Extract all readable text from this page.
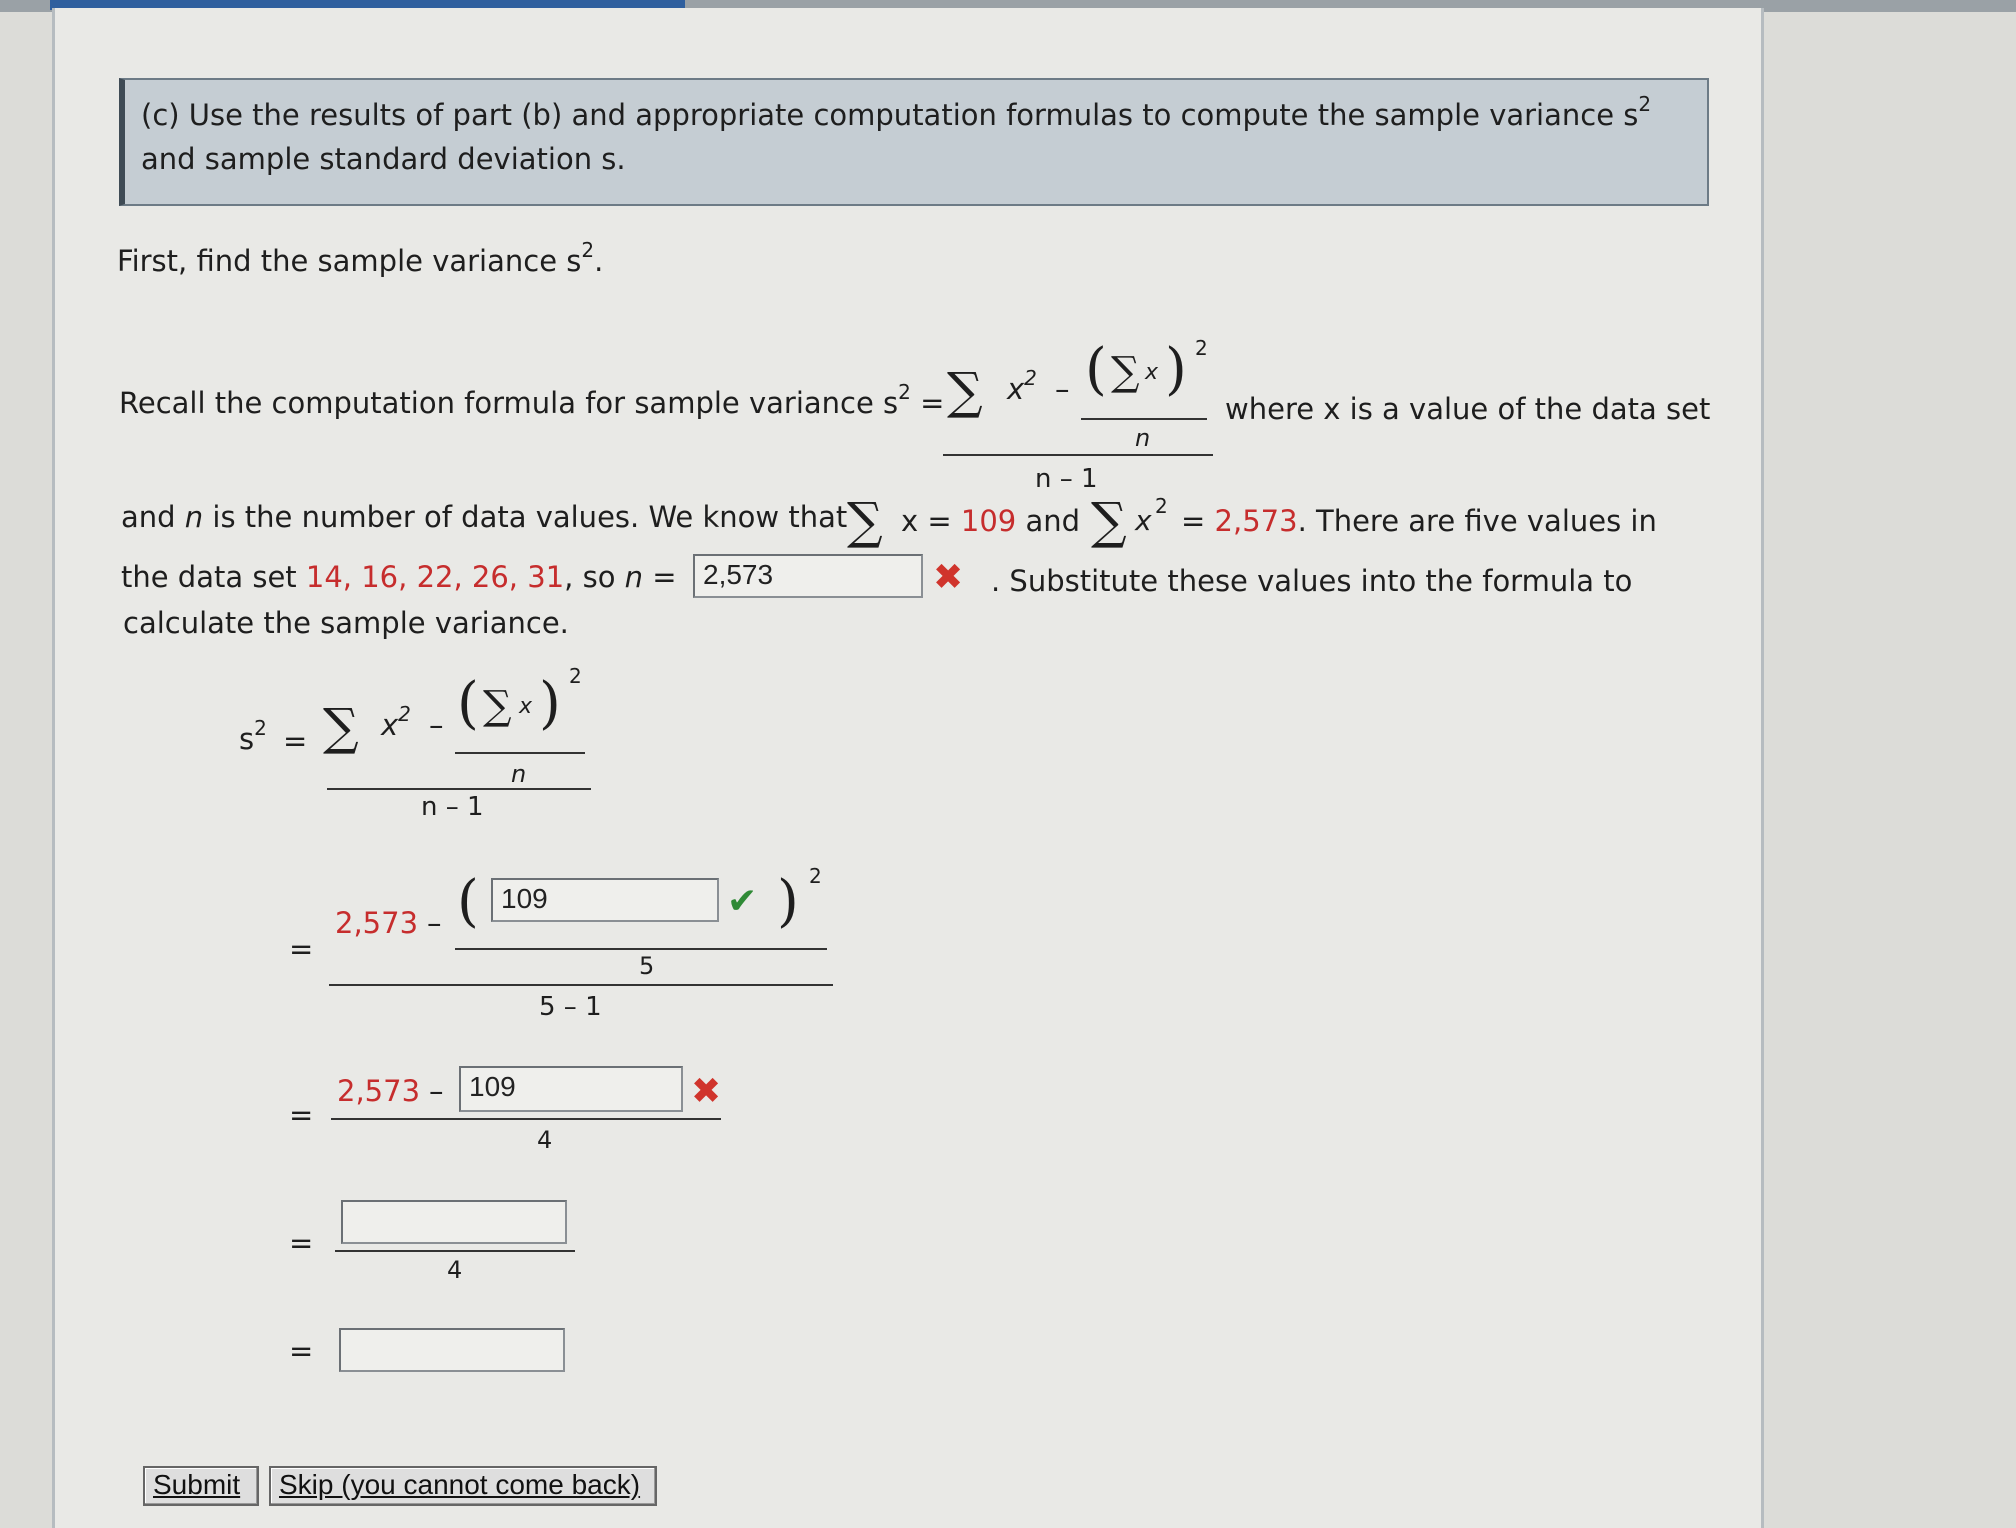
(c) Use the results of part (b) and appropriate computation formulas to compute the sample variance $s^2$
and sample standard deviation s.
First, find the sample variance $s^2$.
Recall the computation formula for sample variance $s^2$ = ∑ $x^2$ – ( ∑ x ) 2
n
n – 1
where x is a value of the data set
and n is the number of data values. We know that ∑ x = 109 and ∑ x 2 = 2,573. There are five values in
the data set 14, 16, 22, 26, 31, so n = 2,573	✖ . Substitute these values into the formula to
calculate the sample variance.
$s^2$ = ∑ $x^2$ – ( ∑ x ) 2
n
n – 1
=
2,573 – ( 109	✔ ) 2
5
5 – 1
=
2,573 – 109	✖
4
=
4
=
Submit	Skip (you cannot come back)
